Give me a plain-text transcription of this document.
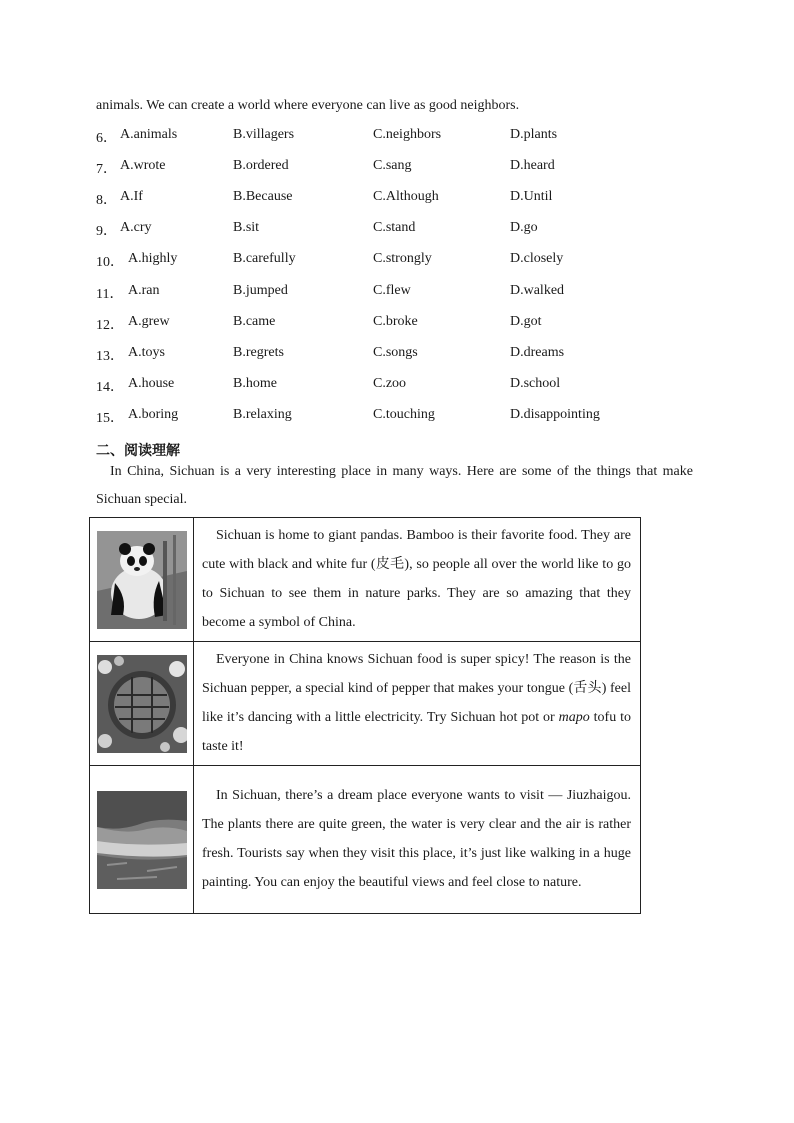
animals. We can create a world where everyone can live as good neighbors.
6． A.animals	B.villagers	C.neighbors	D.plants
7． A.wrote	B.ordered	C.sang	D.heard
8． A.If	B.Because	C.Although	D.Until
9． A.cry	B.sit	C.stand	D.go
10． A.highly	B.carefully	C.strongly	D.closely
11． A.ran	B.jumped	C.flew	D.walked
12． A.grew	B.came	C.broke	D.got
13． A.toys	B.regrets	C.songs	D.dreams
14． A.house	B.home	C.zoo	D.school
15． A.boring	B.relaxing	C.touching	D.disappointing
二、阅读理解
In China, Sichuan is a very interesting place in many ways. Here are some of the things that make Sichuan special.
	Sichuan is home to giant pandas. Bamboo is their favorite food. They are cute with black and white fur (皮毛), so people all over the world like to go to Sichuan to see them in nature parks. They are so amazing that they become a symbol of China.

	Everyone in China knows Sichuan food is super spicy! The reason is the Sichuan pepper, a special kind of pepper that makes your tongue (舌头) feel like it’s dancing with a little electricity. Try Sichuan hot pot or mapo tofu to taste it!

	In Sichuan, there’s a dream place everyone wants to visit — Jiuzhaigou. The plants there are quite green, the water is very clear and the air is rather fresh. Tourists say when they visit this place, it’s just like walking in a huge painting. You can enjoy the beautiful views and feel close to nature.
